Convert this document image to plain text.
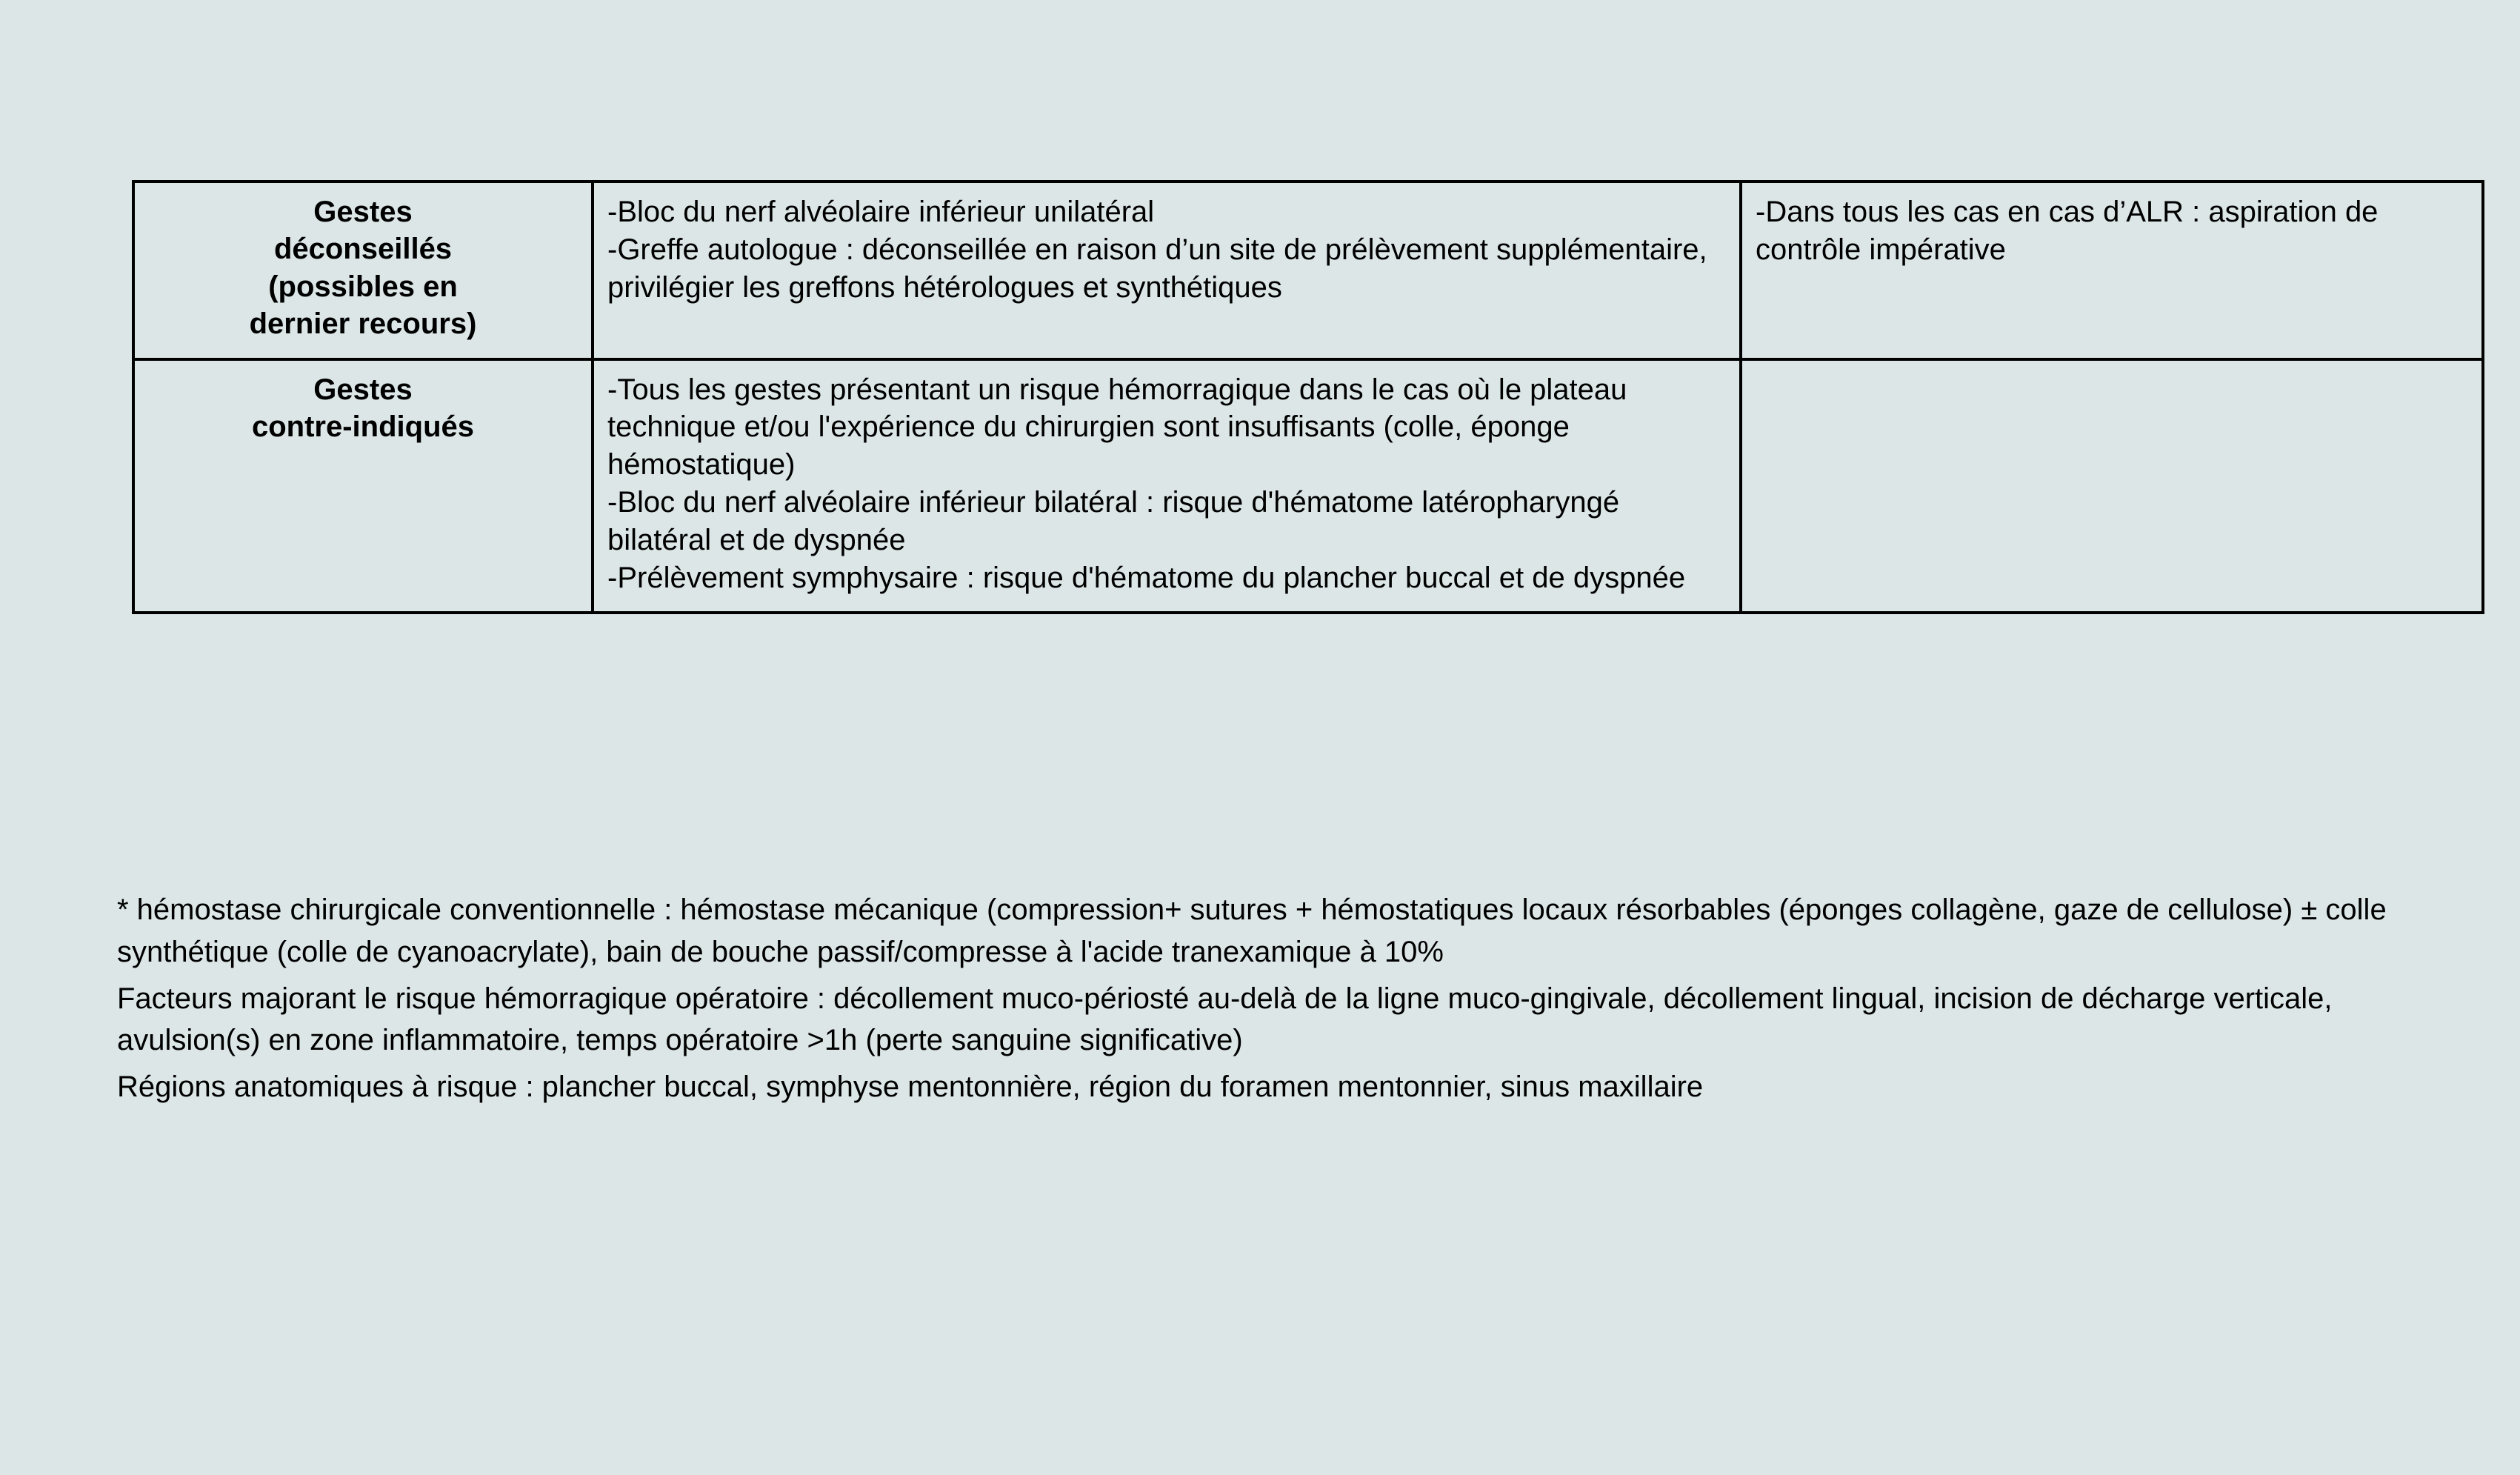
Gestes
déconseillés
(possibles en
dernier recours)	-Bloc du nerf alvéolaire inférieur unilatéral
-Greffe autologue : déconseillée en raison d’un site de prélèvement supplémentaire, privilégier les greffons hétérologues et synthétiques	-Dans tous les cas en cas d’ALR : aspiration de contrôle impérative

Gestes
contre-indiqués	-Tous les gestes présentant un risque hémorragique dans le cas où le plateau technique et/ou l'expérience du chirurgien sont insuffisants (colle, éponge hémostatique)
-Bloc du nerf alvéolaire inférieur bilatéral : risque d'hématome latéropharyngé bilatéral et de dyspnée
-Prélèvement symphysaire : risque d'hématome du plancher buccal et de dyspnée	

* hémostase chirurgicale conventionnelle : hémostase mécanique (compression+ sutures + hémostatiques locaux résorbables (éponges collagène, gaze de cellulose) ± colle synthétique (colle de cyanoacrylate), bain de bouche passif/compresse à l'acide tranexamique à 10%
Facteurs majorant le risque hémorragique opératoire : décollement muco-périosté au-delà de la ligne muco-gingivale, décollement lingual, incision de décharge verticale, avulsion(s) en zone inflammatoire, temps opératoire >1h (perte sanguine significative)
Régions anatomiques à risque : plancher buccal, symphyse mentonnière, région du foramen mentonnier, sinus maxillaire
